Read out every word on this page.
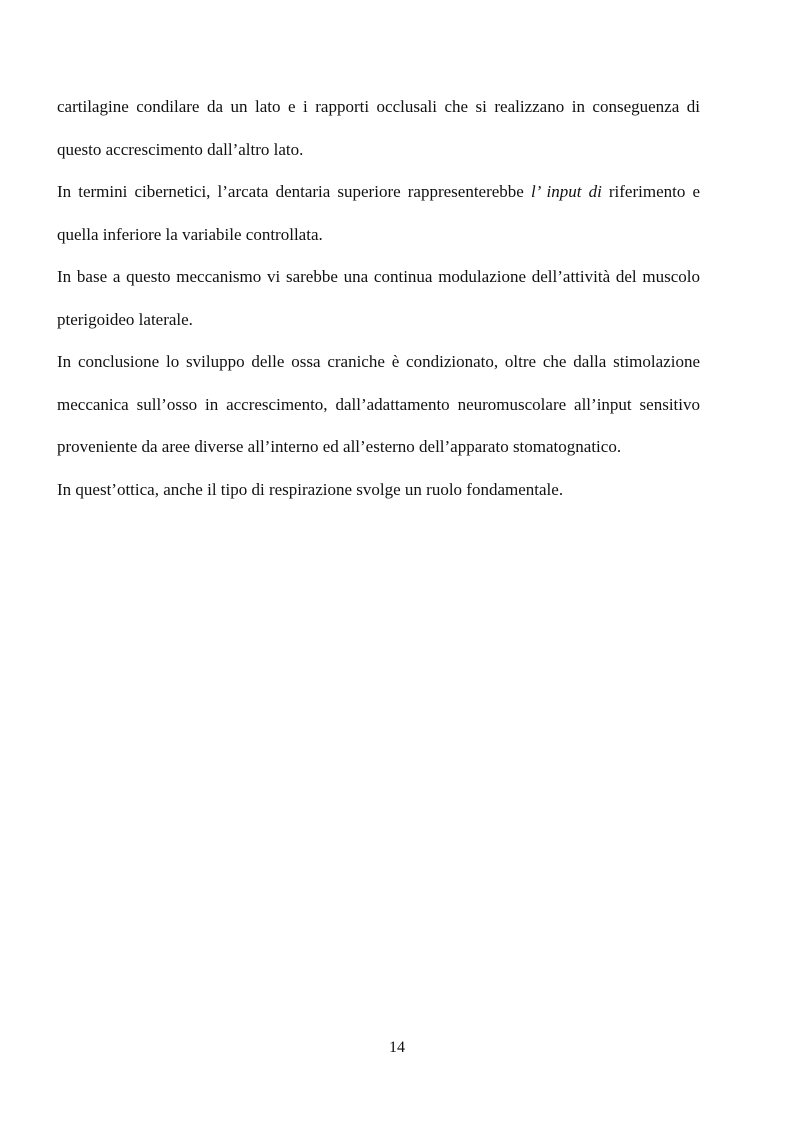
cartilagine condilare da un lato e i rapporti occlusali che si realizzano in conseguenza di questo accrescimento dall’altro lato.

In termini cibernetici, l’arcata dentaria superiore rappresenterebbe l’ input di riferimento e quella inferiore la variabile controllata.

In base a questo meccanismo vi sarebbe una continua modulazione dell’attività del muscolo pterigoideo laterale.

In conclusione lo sviluppo delle ossa craniche è condizionato, oltre che dalla stimolazione meccanica sull’osso in accrescimento, dall’adattamento neuromuscolare all’input sensitivo proveniente da aree diverse all’interno ed all’esterno dell’apparato stomatognatico.

In quest’ottica, anche il tipo di respirazione svolge un ruolo fondamentale.

14
